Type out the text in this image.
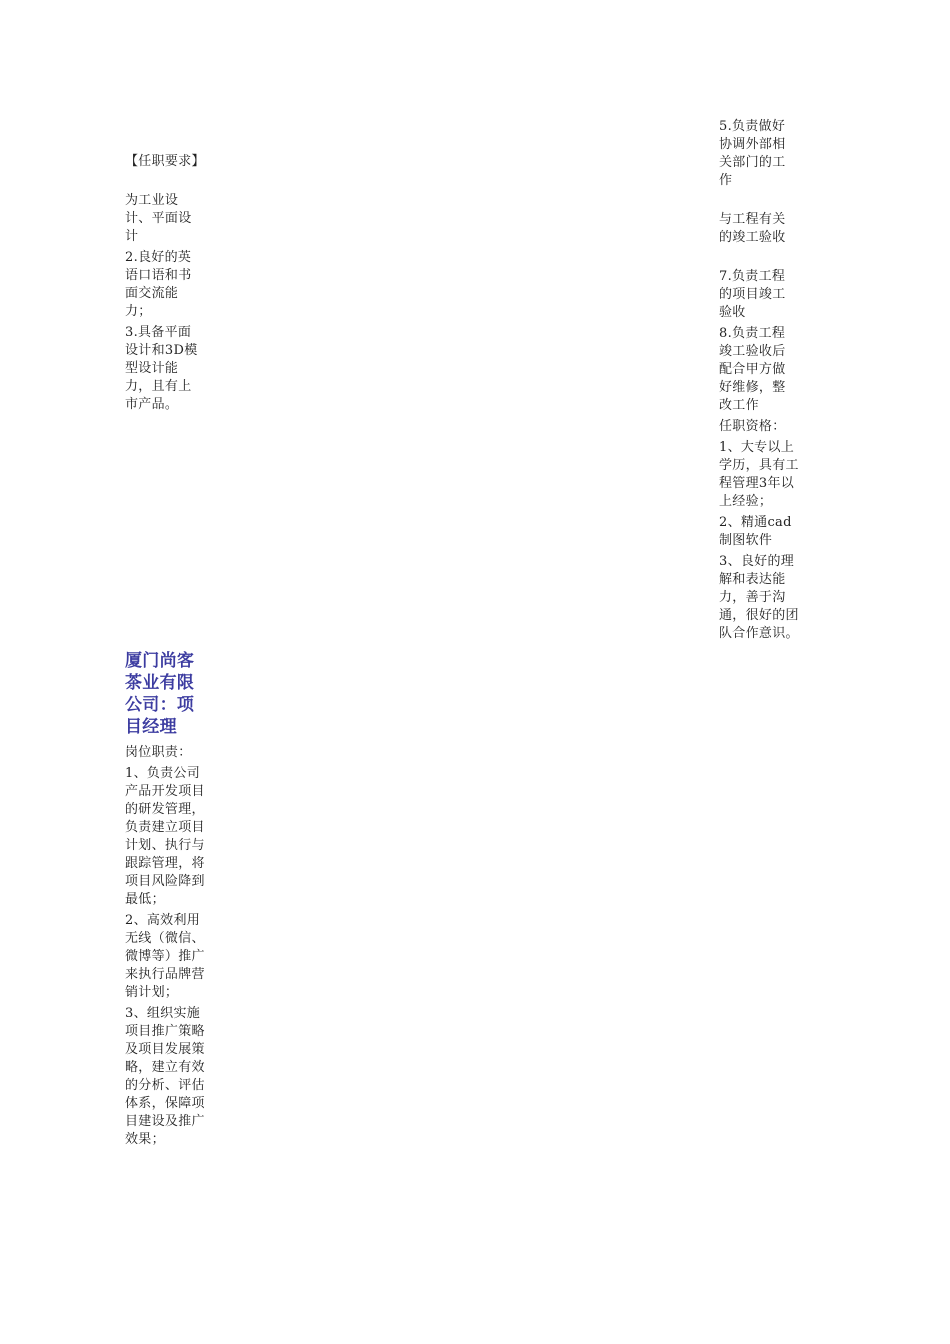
【任职要求】

为工业设计、平面设计
2.良好的英语口语和书面交流能力；
3.具备平面设计和3D模型设计能力，且有上市产品。
5.负责做好协调外部相关部门的工作

与工程有关的竣工验收
7.负责工程的项目竣工验收
8.负责工程竣工验收后配合甲方做好维修，整改工作
任职资格：
1、大专以上学历，具有工程管理3年以上经验；
2、精通cad制图软件
3、良好的理解和表达能力，善于沟通，很好的团队合作意识。
厦门尚客茶业有限公司：项目经理
岗位职责：
1、负责公司产品开发项目的研发管理，负责建立项目计划、执行与跟踪管理，将项目风险降到最低；
2、高效利用无线（微信、微博等）推广来执行品牌营销计划；
3、组织实施项目推广策略及项目发展策略，建立有效的分析、评估体系，保障项目建设及推广效果；
